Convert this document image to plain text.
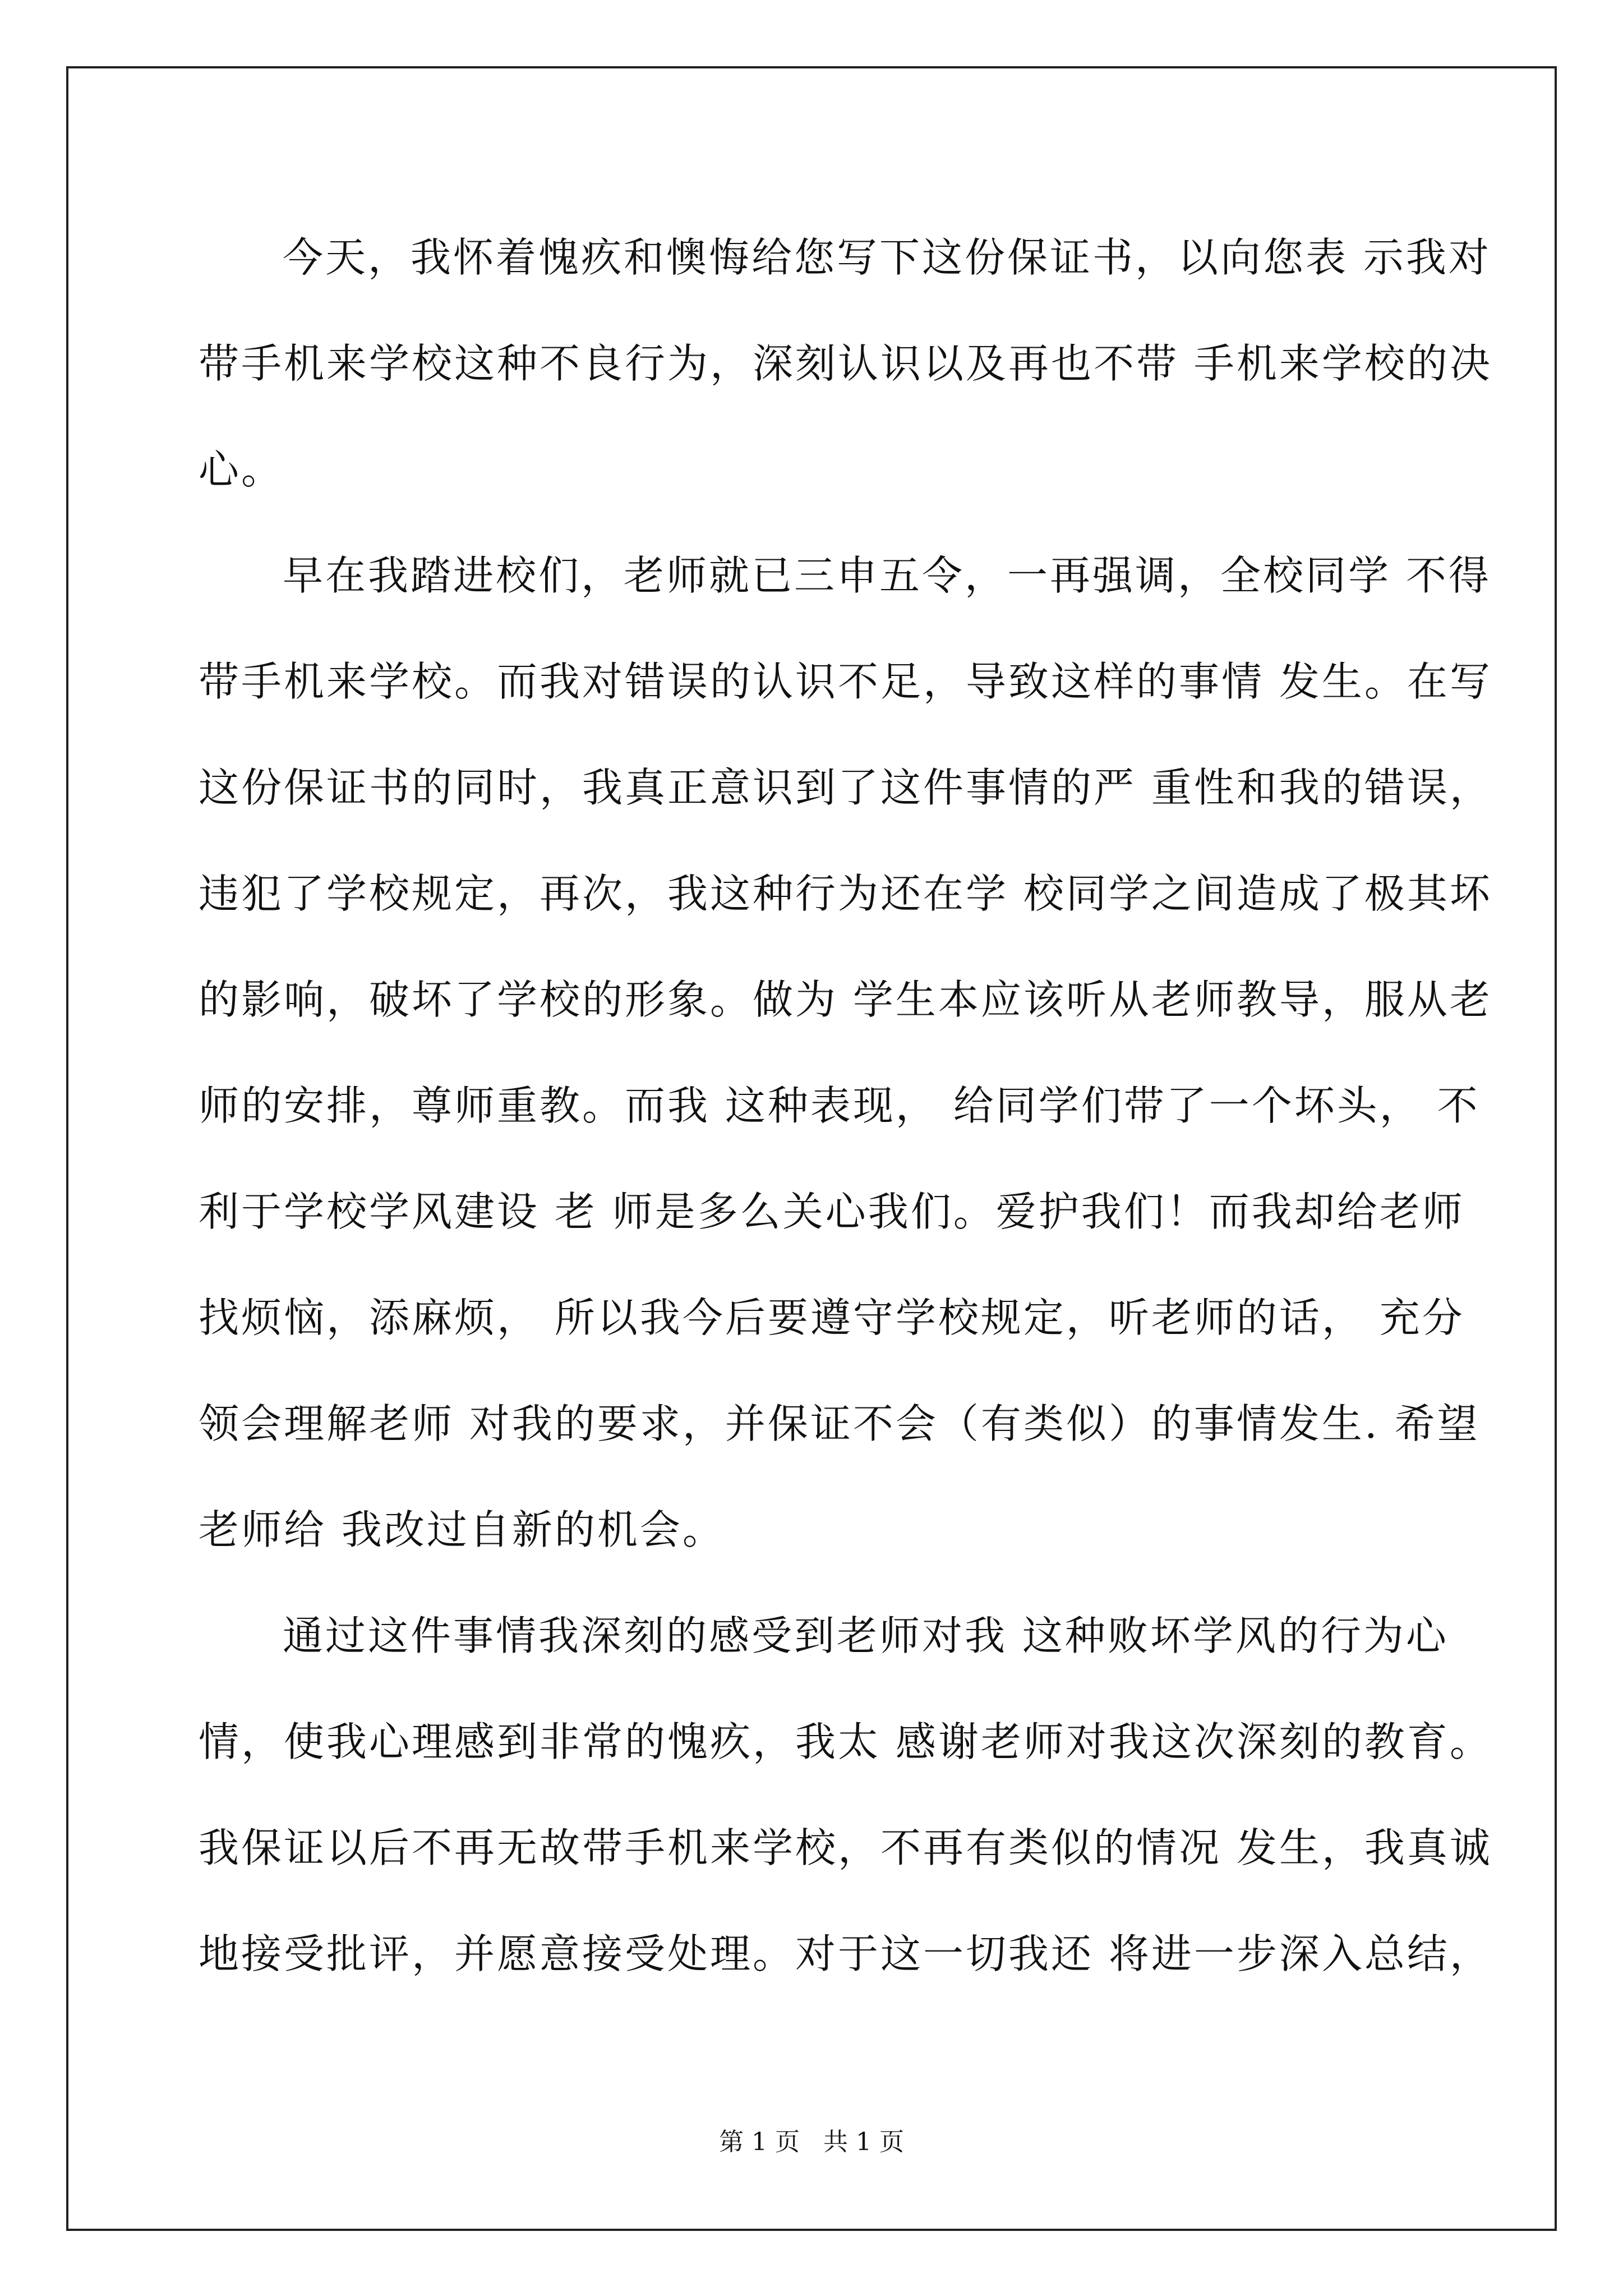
今天，我怀着愧疚和懊悔给您写下这份保证书，以向您表 示我对
带手机来学校这种不良行为，深刻认识以及再也不带 手机来学校的决
心。
早在我踏进校们，老师就已三申五令，一再强调，全校同学 不得
带手机来学校。而我对错误的认识不足，导致这样的事情 发生。在写
这份保证书的同时，我真正意识到了这件事情的严 重性和我的错误，
违犯了学校规定，再次，我这种行为还在学 校同学之间造成了极其坏
的影响，破坏了学校的形象。做为 学生本应该听从老师教导，服从老
师的安排，尊师重教。而我 这种表现， 给同学们带了一个坏头， 不
利于学校学风建设 老 师是多么关心我们。爱护我们！而我却给老师
找烦恼，添麻烦， 所以我今后要遵守学校规定，听老师的话， 充分
领会理解老师 对我的要求，并保证不会（有类似）的事情发生. 希望
老师给 我改过自新的机会。
通过这件事情我深刻的感受到老师对我 这种败坏学风的行为心
情，使我心理感到非常的愧疚，我太 感谢老师对我这次深刻的教育。
我保证以后不再无故带手机来学校，不再有类似的情况 发生，我真诚
地接受批评，并愿意接受处理。对于这一切我还 将进一步深入总结，
第 1 页 共 1 页
